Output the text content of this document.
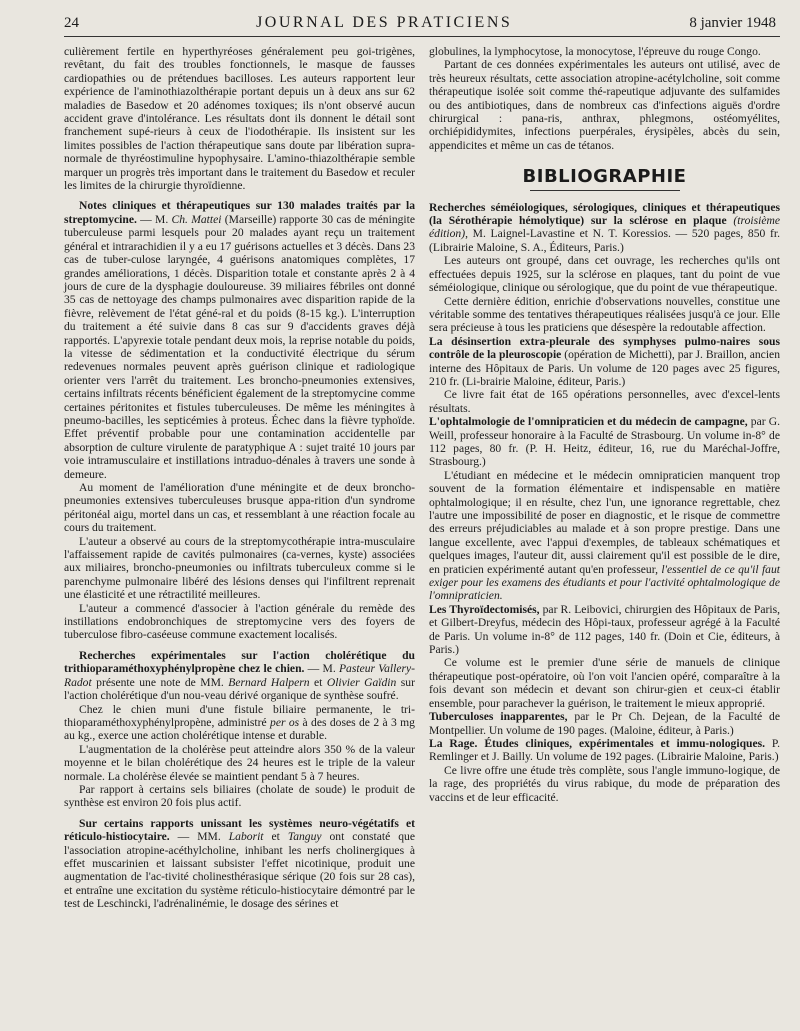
24	JOURNAL DES PRATICIENS	8 janvier 1948

culièrement fertile en hyperthyréoses généralement peu goi-trigènes, revêtant, du fait des troubles fonctionnels, le masque de fausses cardiopathies ou de prétendues bacilloses. Les auteurs rapportent leur expérience de l'aminothiazolthérapie portant depuis un à deux ans sur 62 maladies de Basedow et 20 adénomes toxiques; ils n'ont observé aucun accident grave d'intolérance. Les résultats dont ils donnent le détail sont franchement supé-rieurs à ceux de l'iodothérapie. Ils insistent sur les limites possibles de l'action thérapeutique sans doute par libération supra-normale de thyréostimuline hypophysaire. L'amino-thiazolthérapie semble marquer un progrès très important dans le traitement du Basedow et reculer les limites de la chirurgie thyroïdienne.

Notes cliniques et thérapeutiques sur 130 malades traités par la streptomycine. — M. Ch. Mattei (Marseille) rapporte 30 cas de méningite tuberculeuse parmi lesquels pour 20 malades ayant reçu un traitement général et intrarachidien il y a eu 17 guérisons actuelles et 3 décès. Dans 23 cas de tuber-culose laryngée, 4 guérisons anatomiques complètes, 17 grandes améliorations, 1 décès. Disparition totale et constante après 2 à 4 jours de cure de la dysphagie douloureuse. 39 miliaires fébriles ont donné 35 cas de nettoyage des champs pulmonaires avec disparition rapide de la fièvre, relèvement de l'état géné-ral et du poids (8-15 kg.). L'interruption du traitement a été suivie dans 8 cas sur 9 d'accidents graves déjà rapportés. L'apyrexie totale pendant deux mois, la reprise notable du poids, la vitesse de sédimentation et la conductivité électrique du sérum redevenues normales peuvent après guérison clinique et radiologique orienter vers l'arrêt du traitement. Les broncho-pneumonies extensives, certains infiltrats récents bénéficient également de la streptomycine comme certaines péritonites et fistules tuberculeuses. De même les méningites à pneumo-bacilles, les septicémies à proteus. Échec dans la fièvre typhoïde. Effet préventif probable pour une contamination accidentelle par absorption de culture virulente de paratyphique A : sujet traité 10 jours par voie intramusculaire et instillations intraduo-dénales à travers une sonde à demeure.

Au moment de l'amélioration d'une méningite et de deux broncho-pneumonies extensives tuberculeuses brusque appa-rition d'un syndrome péritonéal aigu, mortel dans un cas, et ressemblant à une réaction focale au cours du traitement.

L'auteur a observé au cours de la streptomycothérapie intra-musculaire l'affaissement rapide de cavités pulmonaires (ca-vernes, kyste) associées aux miliaires, broncho-pneumonies ou infiltrats tuberculeux comme si le parenchyme pulmonaire libéré des lésions denses qui l'infiltrent reprenait une élasticité et une rétractilité meilleures.

L'auteur a commencé d'associer à l'action générale du remède des instillations endobronchiques de streptomycine vers des foyers de tuberculose fibro-caséeuse commune exactement localisés.

Recherches expérimentales sur l'action cholérétique du trithioparaméthoxyphénylpropène chez le chien. — M. Pasteur Vallery-Radot présente une note de MM. Bernard Halpern et Olivier Gaïdin sur l'action cholérétique d'un nou-veau dérivé organique de synthèse soufré.

Chez le chien muni d'une fistule biliaire permanente, le tri-thioparaméthoxyphénylpropène, administré per os à des doses de 2 à 3 mg au kg., exerce une action cholérétique intense et durable.

L'augmentation de la cholérèse peut atteindre alors 350 % de la valeur moyenne et le bilan cholérétique des 24 heures est le triple de la valeur normale. La cholérèse élevée se maintient pendant 5 à 7 heures.

Par rapport à certains sels biliaires (cholate de soude) le produit de synthèse est environ 20 fois plus actif.

Sur certains rapports unissant les systèmes neuro-végétatifs et réticulo-histiocytaire. — MM. Laborit et Tanguy ont constaté que l'association atropine-acéthylcholine, inhibant les nerfs cholinergiques à effet muscarinien et laissant subsister l'effet nicotinique, produit une augmentation de l'ac-tivité cholinesthérasique sérique (20 fois sur 28 cas), et entraîne une excitation du système réticulo-histiocytaire démontré par le test de Leschincki, l'adrénalinémie, le dosage des sérines et

globulines, la lymphocytose, la monocytose, l'épreuve du rouge Congo.

Partant de ces données expérimentales les auteurs ont utilisé, avec de très heureux résultats, cette association atropine-acétylcholine, soit comme thérapeutique isolée soit comme thé-rapeutique adjuvante des sulfamides ou des antibiotiques, dans de nombreux cas d'infections aiguës d'ordre chirurgical : pana-ris, anthrax, phlegmons, ostéomyélites, orchiépididymites, infections puerpérales, érysipèles, abcès du sein, appendicites et même un cas de tétanos.

BIBLIOGRAPHIE

Recherches séméiologiques, sérologiques, cliniques et thérapeutiques (la Sérothérapie hémolytique) sur la sclérose en plaque (troisième édition), M. Laignel-Lavastine et N. T. Koressios. — 520 pages, 850 fr. (Librairie Maloine, S. A., Éditeurs, Paris.)

Les auteurs ont groupé, dans cet ouvrage, les recherches qu'ils ont effectuées depuis 1925, sur la sclérose en plaques, tant du point de vue séméiologique, clinique ou sérologique, que du point de vue thérapeutique.

Cette dernière édition, enrichie d'observations nouvelles, constitue une véritable somme des tentatives thérapeutiques réalisées jusqu'à ce jour. Elle sera précieuse à tous les praticiens que désespère la redoutable affection.

La désinsertion extra-pleurale des symphyses pulmo-naires sous contrôle de la pleuroscopie (opération de Michetti), par J. Braillon, ancien interne des Hôpitaux de Paris. Un volume de 120 pages avec 25 figures, 210 fr. (Li-brairie Maloine, éditeur, Paris.)

Ce livre fait état de 165 opérations personnelles, avec d'excel-lents résultats.

L'ophtalmologie de l'omnipraticien et du médecin de campagne, par G. Weill, professeur honoraire à la Faculté de Strasbourg. Un volume in-8° de 112 pages, 80 fr. (P. H. Heitz, éditeur, 16, rue du Maréchal-Joffre, Strasbourg.)

L'étudiant en médecine et le médecin omnipraticien manquent trop souvent de la formation élémentaire et indispensable en matière ophtalmologique; il en résulte, chez l'un, une ignorance regrettable, chez l'autre une impossibilité de poser en diagnostic, et le risque de commettre des erreurs préjudiciables au malade et à son propre prestige. Dans une langue excellente, avec l'appui d'exemples, de tableaux schématiques et quelques images, l'auteur dit, aussi clairement qu'il est possible de le dire, en praticien expérimenté autant qu'en professeur, l'essentiel de ce qu'il faut exiger pour les examens des étudiants et pour l'activité ophtalmologique de l'omnipraticien.

Les Thyroïdectomisés, par R. Leibovici, chirurgien des Hôpitaux de Paris, et Gilbert-Dreyfus, médecin des Hôpi-taux, professeur agrégé à la Faculté de Paris. Un volume in-8° de 112 pages, 140 fr. (Doin et Cie, éditeurs, à Paris.)

Ce volume est le premier d'une série de manuels de clinique thérapeutique post-opératoire, où l'on voit l'ancien opéré, comparaître à la fois devant son médecin et devant son chirur-gien et ceux-ci établir ensemble, pour parachever la guérison, le traitement le mieux approprié.

Tuberculoses inapparentes, par le Pr Ch. Dejean, de la Faculté de Montpellier. Un volume de 190 pages. (Maloine, éditeur, à Paris.)

La Rage. Études cliniques, expérimentales et immu-nologiques. P. Remlinger et J. Bailly. Un volume de 192 pages. (Librairie Maloine, Paris.)

Ce livre offre une étude très complète, sous l'angle immuno-logique, de la rage, des propriétés du virus rabique, du mode de préparation des vaccins et de leur efficacité.
